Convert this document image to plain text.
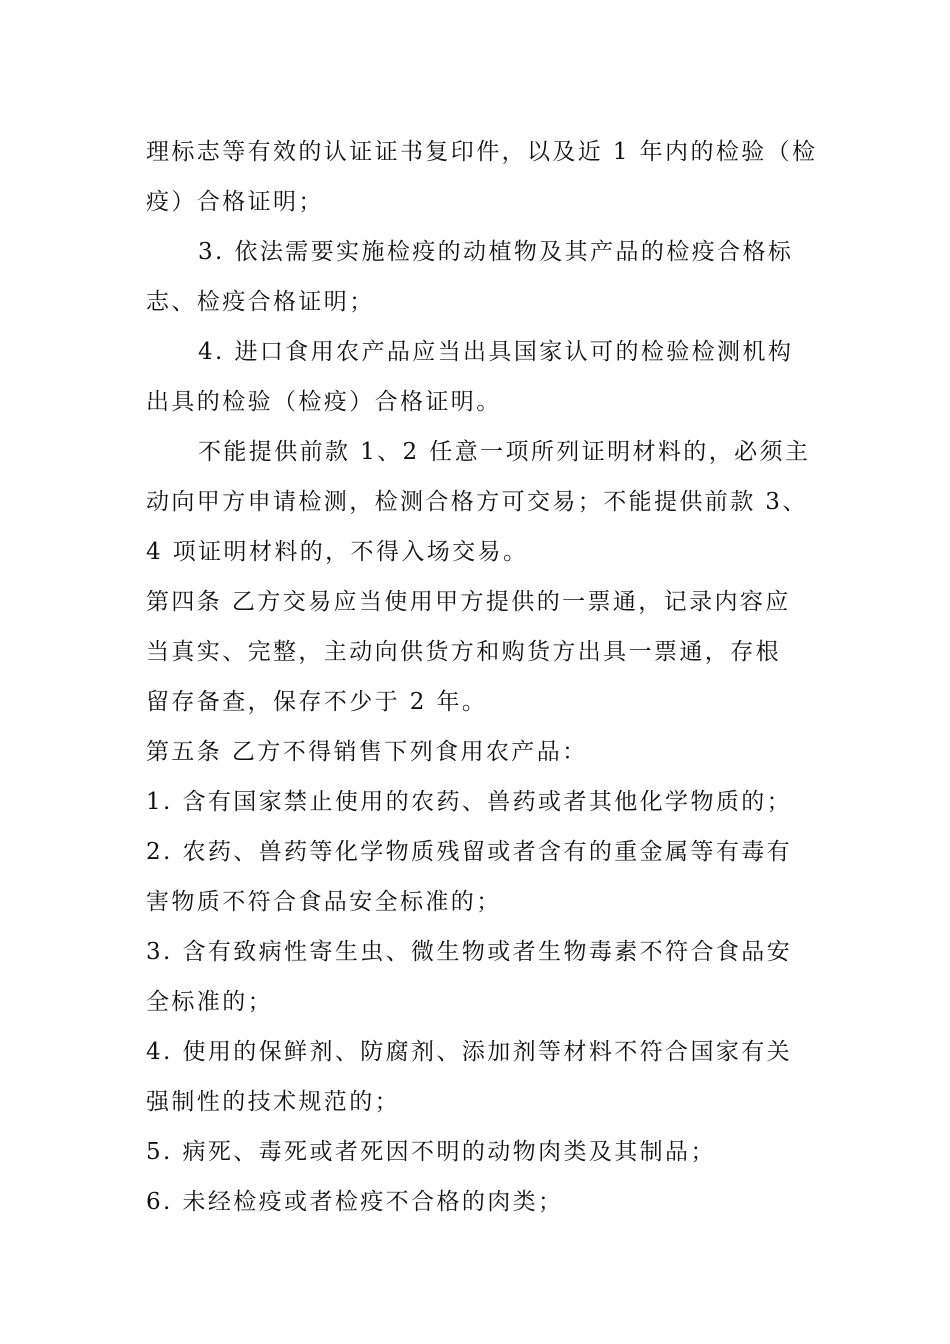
理标志等有效的认证证书复印件，以及近 1 年内的检验（检
疫）合格证明；
3. 依法需要实施检疫的动植物及其产品的检疫合格标
志、检疫合格证明；
4. 进口食用农产品应当出具国家认可的检验检测机构
出具的检验（检疫）合格证明。
不能提供前款 1、2 任意一项所列证明材料的，必须主
动向甲方申请检测，检测合格方可交易；不能提供前款 3、
4 项证明材料的，不得入场交易。
第四条 乙方交易应当使用甲方提供的一票通，记录内容应
当真实、完整，主动向供货方和购货方出具一票通，存根
留存备查，保存不少于 2 年。
第五条 乙方不得销售下列食用农产品：
1. 含有国家禁止使用的农药、兽药或者其他化学物质的；
2. 农药、兽药等化学物质残留或者含有的重金属等有毒有
害物质不符合食品安全标准的；
3. 含有致病性寄生虫、微生物或者生物毒素不符合食品安
全标准的；
4. 使用的保鲜剂、防腐剂、添加剂等材料不符合国家有关
强制性的技术规范的；
5. 病死、毒死或者死因不明的动物肉类及其制品；
6. 未经检疫或者检疫不合格的肉类；
